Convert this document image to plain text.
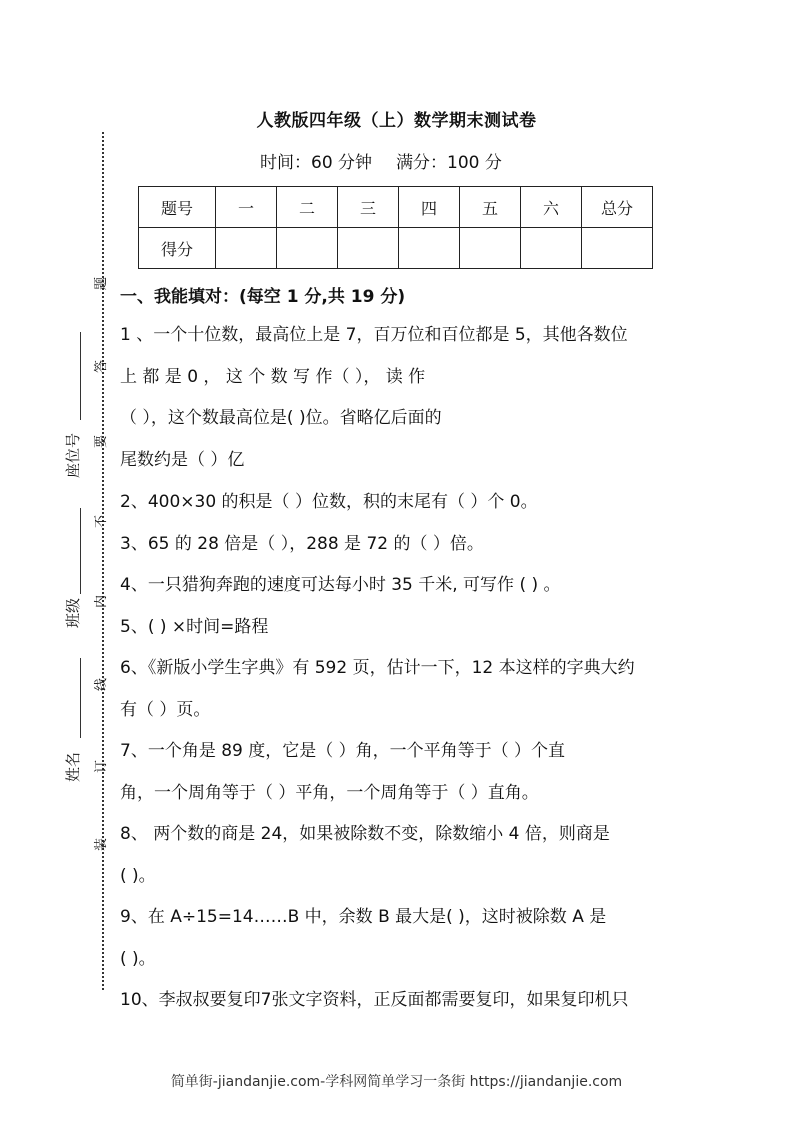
人教版四年级（上）数学期末测试卷
时间：60 分钟 满分：100 分
题号	一	二	三	四	五	六	总分
得分							
座位号
班级
姓名
题
答
要
不
内
线
订
装
一、我能填对：(每空 1 分,共 19 分)
1 、一个十位数，最高位上是 7，百万位和百位都是 5，其他各数位
上 都 是 0 ， 这 个 数 写 作（ ）， 读 作
（ ），这个数最高位是( )位。省略亿后面的
尾数约是（ ）亿
2、400×30 的积是（ ）位数，积的末尾有（ ）个 0。
3、65 的 28 倍是（ ），288 是 72 的（ ）倍。
4、一只猎狗奔跑的速度可达每小时 35 千米, 可写作 ( ) 。
5、( ) ×时间=路程
6、《新版小学生字典》有 592 页，估计一下，12 本这样的字典大约
有（ ）页。
7、一个角是 89 度，它是（ ）角，一个平角等于（ ）个直
角，一个周角等于（ ）平角，一个周角等于（ ）直角。
8、 两个数的商是 24，如果被除数不变，除数缩小 4 倍，则商是
( )。
9、在 A÷15=14……B 中，余数 B 最大是( )，这时被除数 A 是
( )。
10、李叔叔要复印7张文字资料，正反面都需要复印，如果复印机只
简单街-jiandanjie.com-学科网简单学习一条街 https://jiandanjie.com
